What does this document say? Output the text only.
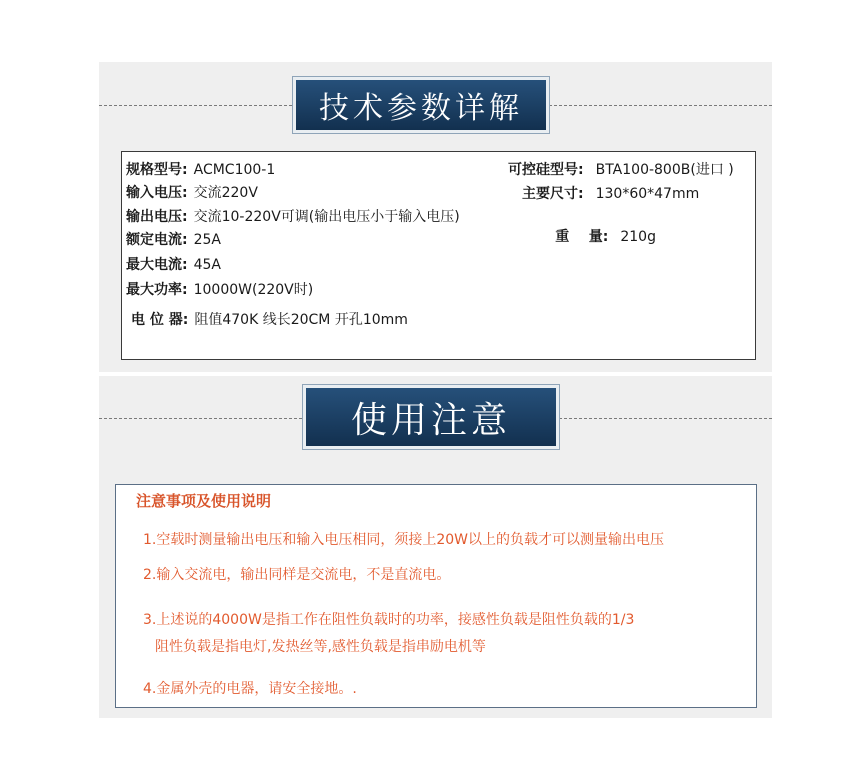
技术参数详解
规格型号: ACMC100-1
输入电压: 交流220V
输出电压: 交流10-220V可调(输出电压小于输入电压)
额定电流: 25A
最大电流: 45A
最大功率: 10000W(220V时)
电 位 器: 阻值470K 线长20CM 开孔10mm
可控硅型号: BTA100-800B(进口 )
主要尺寸: 130*60*47mm

重    量: 210g

使用注意
注意事项及使用说明
1.空载时测量输出电压和输入电压相同，须接上20W以上的负载才可以测量输出电压
2.输入交流电，输出同样是交流电，不是直流电。
3.上述说的4000W是指工作在阻性负载时的功率，接感性负载是阻性负载的1/3
阻性负载是指电灯,发热丝等,感性负载是指串励电机等
4.金属外壳的电器，请安全接地。.
